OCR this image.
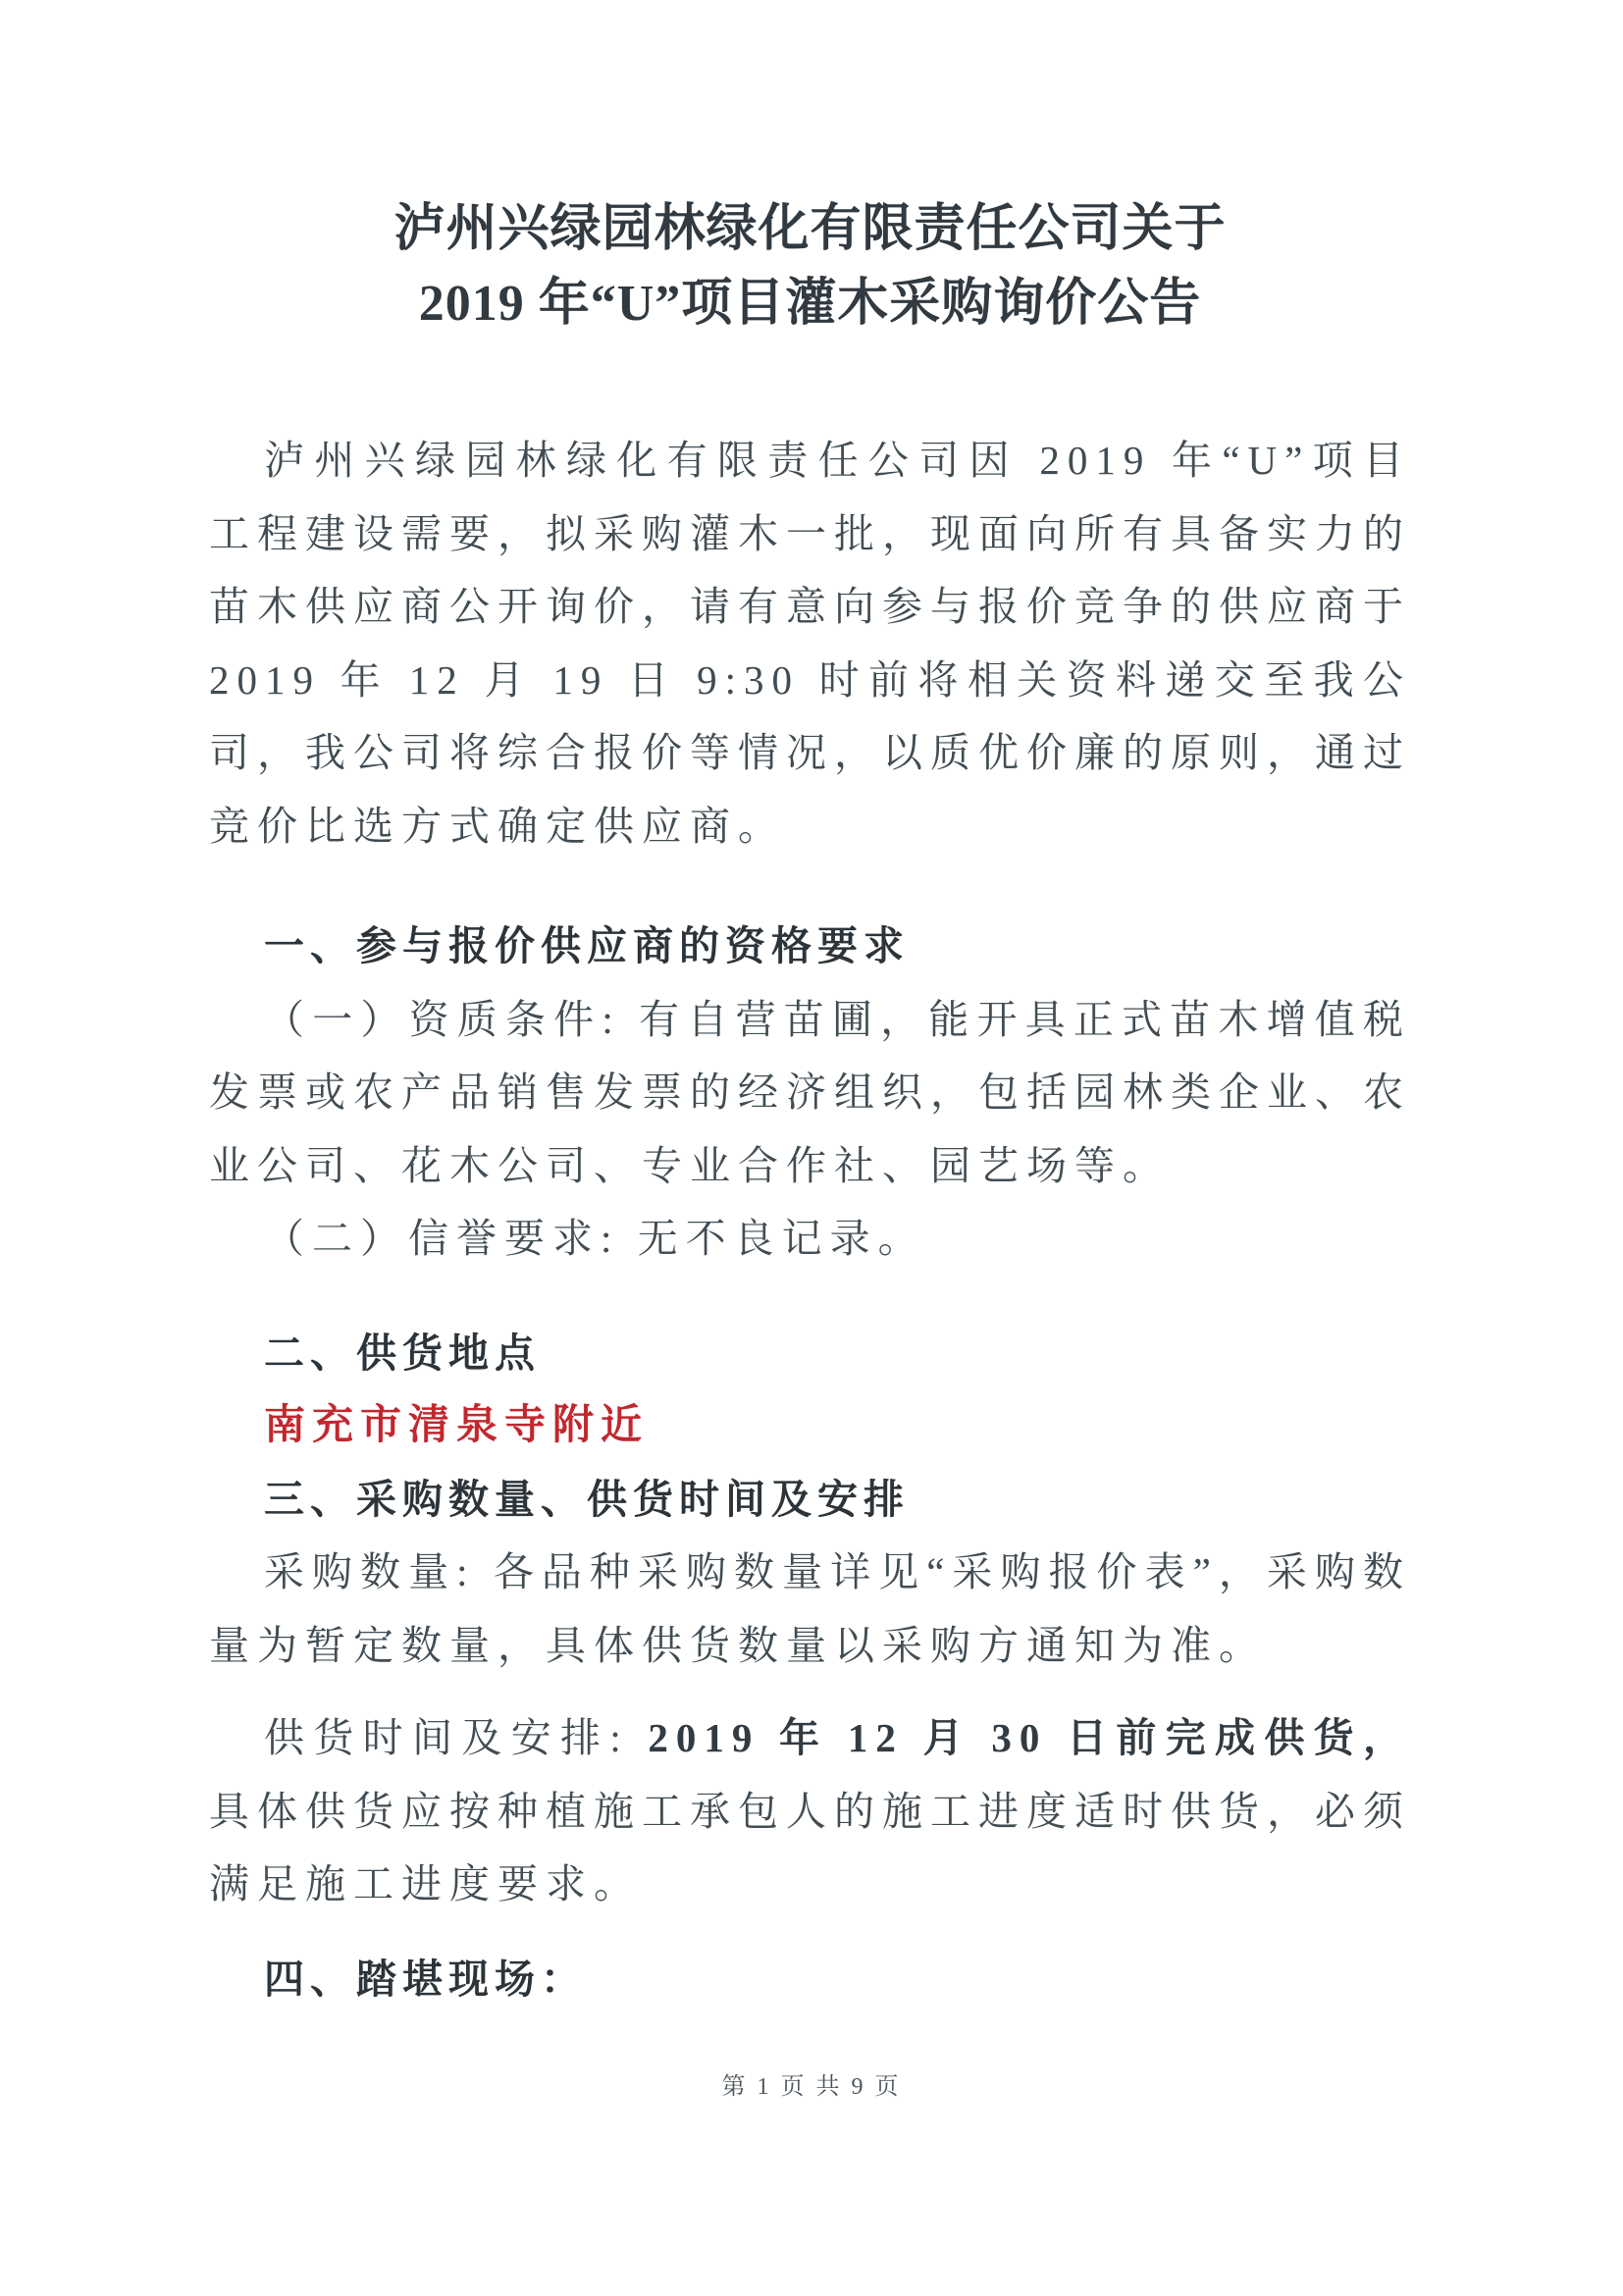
泸州兴绿园林绿化有限责任公司关于
2019 年“U”项目灌木采购询价公告

泸州兴绿园林绿化有限责任公司因 2019 年“U”项目工程建设需要，拟采购灌木一批，现面向所有具备实力的苗木供应商公开询价，请有意向参与报价竞争的供应商于 2019 年 12 月 19 日 9:30 时前将相关资料递交至我公司，我公司将综合报价等情况，以质优价廉的原则，通过竞价比选方式确定供应商。

一、参与报价供应商的资格要求

（一）资质条件: 有自营苗圃，能开具正式苗木增值税发票或农产品销售发票的经济组织，包括园林类企业、农业公司、花木公司、专业合作社、园艺场等。

（二）信誉要求: 无不良记录。

二、供货地点

南充市清泉寺附近

三、采购数量、供货时间及安排

采购数量: 各品种采购数量详见“采购报价表”，采购数量为暂定数量，具体供货数量以采购方通知为准。

供货时间及安排: 2019 年 12 月 30 日前完成供货，具体供货应按种植施工承包人的施工进度适时供货，必须满足施工进度要求。

四、踏堪现场：
第 1 页 共 9 页
